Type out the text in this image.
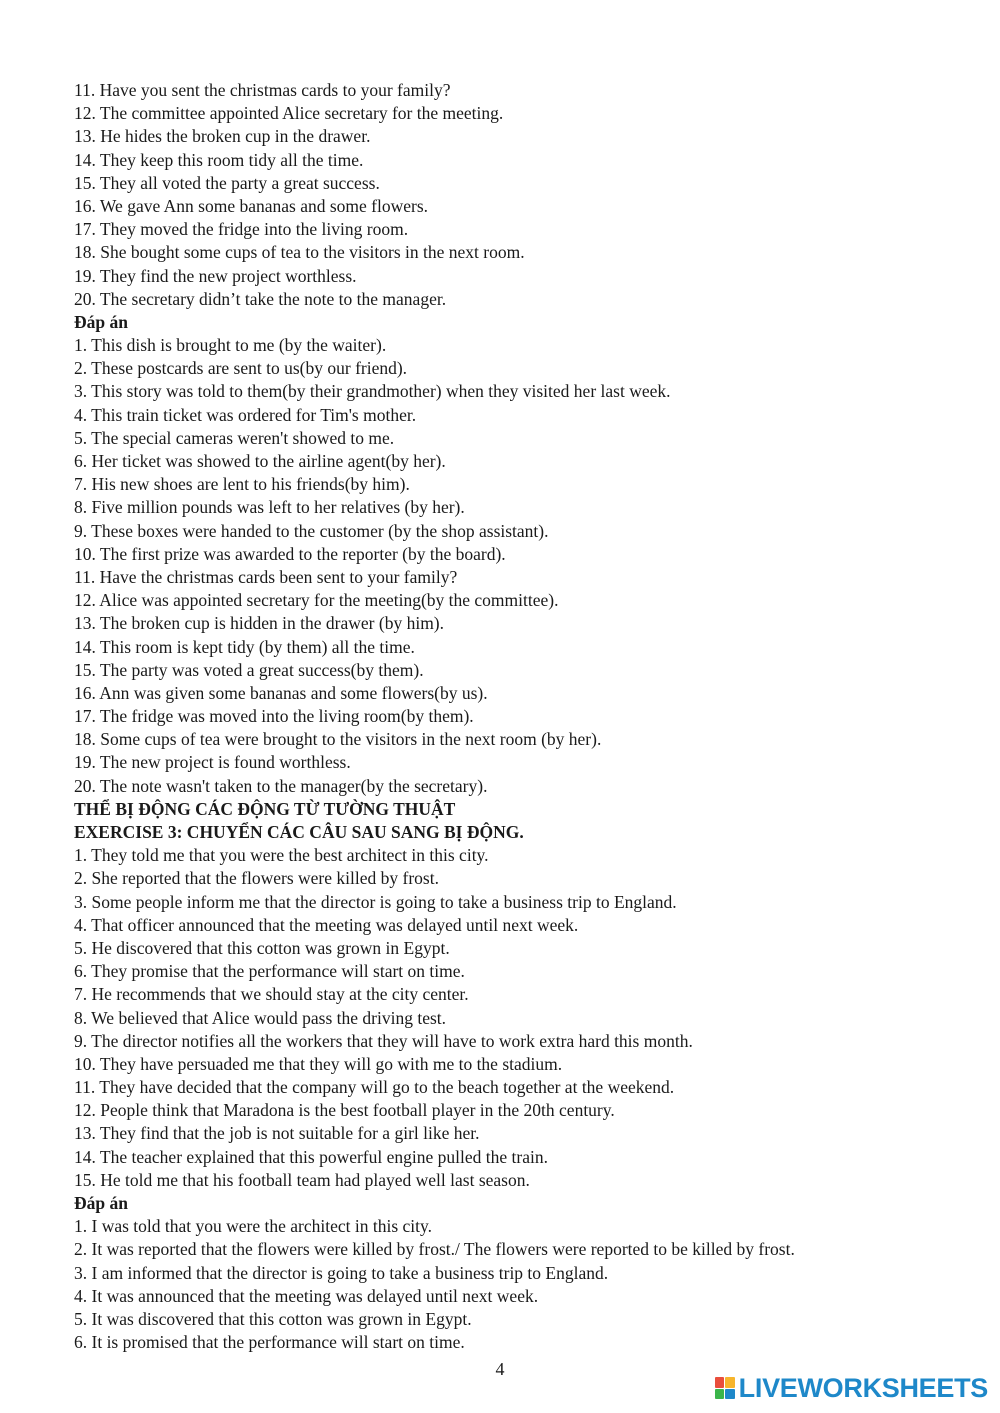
11. Have you sent the christmas cards to your family?
12. The committee appointed Alice secretary for the meeting.
13. He hides the broken cup in the drawer.
14. They keep this room tidy all the time.
15. They all voted the party a great success.
16. We gave Ann some bananas and some flowers.
17. They moved the fridge into the living room.
18. She bought some cups of tea to the visitors in the next room.
19. They find the new project worthless.
20. The secretary didn’t take the note to the manager.
Đáp án
1. This dish is brought to me (by the waiter).
2. These postcards are sent to us(by our friend).
3. This story was told to them(by their grandmother) when they visited her last week.
4. This train ticket was ordered for Tim's mother.
5. The special cameras weren't showed to me.
6. Her ticket was showed to the airline agent(by her).
7. His new shoes are lent to his friends(by him).
8. Five million pounds was left to her relatives (by her).
9. These boxes were handed to the customer (by the shop assistant).
10. The first prize was awarded to the reporter (by the board).
11. Have the christmas cards been sent to your family?
12. Alice was appointed secretary for the meeting(by the committee).
13. The broken cup is hidden in the drawer (by him).
14. This room is kept tidy (by them) all the time.
15. The party was voted a great success(by them).
16. Ann was given some bananas and some flowers(by us).
17. The fridge was moved into the living room(by them).
18. Some cups of tea were brought to the visitors in the next room (by her).
19. The new project is found worthless.
20. The note wasn't taken to the manager(by the secretary).
THỂ BỊ ĐỘNG CÁC ĐỘNG TỪ TƯỜNG THUẬT
EXERCISE 3: CHUYỂN CÁC CÂU SAU SANG BỊ ĐỘNG.
1. They told me that you were the best architect in this city.
2. She reported that the flowers were killed by frost.
3. Some people inform me that the director is going to take a business trip to England.
4. That officer announced that the meeting was delayed until next week.
5. He discovered that this cotton was grown in Egypt.
6. They promise that the performance will start on time.
7. He recommends that we should stay at the city center.
8. We believed that Alice would pass the driving test.
9. The director notifies all the workers that they will have to work extra hard this month.
10. They have persuaded me that they will go with me to the stadium.
11. They have decided that the company will go to the beach together at the weekend.
12. People think that Maradona is the best football player in the 20th century.
13. They find that the job is not suitable for a girl like her.
14. The teacher explained that this powerful engine pulled the train.
15. He told me that his football team had played well last season.
Đáp án
1. I was told that you were the architect in this city.
2. It was reported that the flowers were killed by frost./ The flowers were reported to be killed by frost.
3. I am informed that the director is going to take a business trip to England.
4. It was announced that the meeting was delayed until next week.
5. It was discovered that this cotton was grown in Egypt.
6. It is promised that the performance will start on time.
4
LIVEWORKSHEETS
